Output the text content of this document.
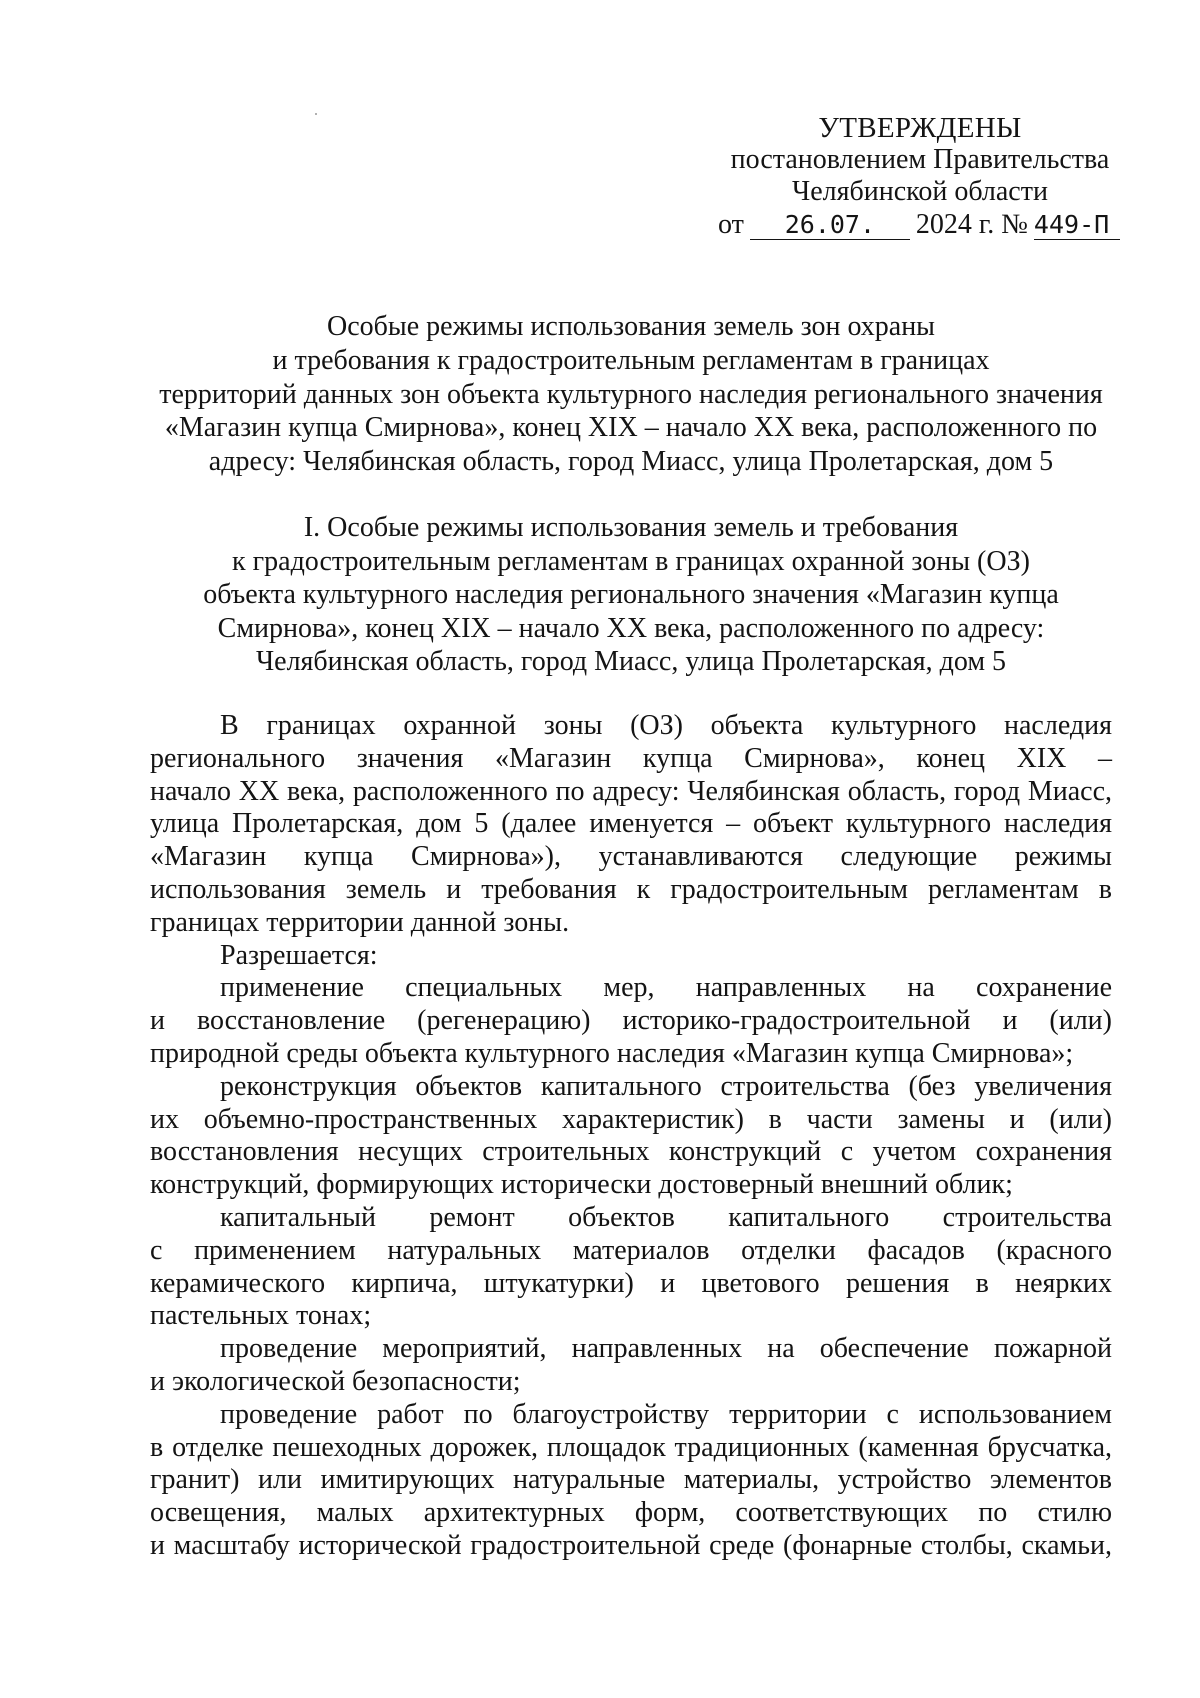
УТВЕРЖДЕНЫ
постановлением Правительства
Челябинской области
от 26.07. 2024 г. № 449-П
Особые режимы использования земель зон охраны
и требования к градостроительным регламентам в границах
территорий данных зон объекта культурного наследия регионального значения
«Магазин купца Смирнова», конец XIX – начало XX века, расположенного по
адресу: Челябинская область, город Миасс, улица Пролетарская, дом 5
I. Особые режимы использования земель и требования
к градостроительным регламентам в границах охранной зоны (ОЗ)
объекта культурного наследия регионального значения «Магазин купца
Смирнова», конец XIX – начало XX века, расположенного по адресу:
Челябинская область, город Миасс, улица Пролетарская, дом 5
В границах охранной зоны (ОЗ) объекта культурного наследия
регионального значения «Магазин купца Смирнова», конец XIX –
начало XX века, расположенного по адресу: Челябинская область, город Миасс,
улица Пролетарская, дом 5 (далее именуется – объект культурного наследия
«Магазин купца Смирнова»), устанавливаются следующие режимы
использования земель и требования к градостроительным регламентам в
границах территории данной зоны.
Разрешается:
применение специальных мер, направленных на сохранение
и восстановление (регенерацию) историко-градостроительной и (или)
природной среды объекта культурного наследия «Магазин купца Смирнова»;
реконструкция объектов капитального строительства (без увеличения
их объемно-пространственных характеристик) в части замены и (или)
восстановления несущих строительных конструкций с учетом сохранения
конструкций, формирующих исторически достоверный внешний облик;
капитальный ремонт объектов капитального строительства
с применением натуральных материалов отделки фасадов (красного
керамического кирпича, штукатурки) и цветового решения в неярких
пастельных тонах;
проведение мероприятий, направленных на обеспечение пожарной
и экологической безопасности;
проведение работ по благоустройству территории с использованием
в отделке пешеходных дорожек, площадок традиционных (каменная брусчатка,
гранит) или имитирующих натуральные материалы, устройство элементов
освещения, малых архитектурных форм, соответствующих по стилю
и масштабу исторической градостроительной среде (фонарные столбы, скамьи,
